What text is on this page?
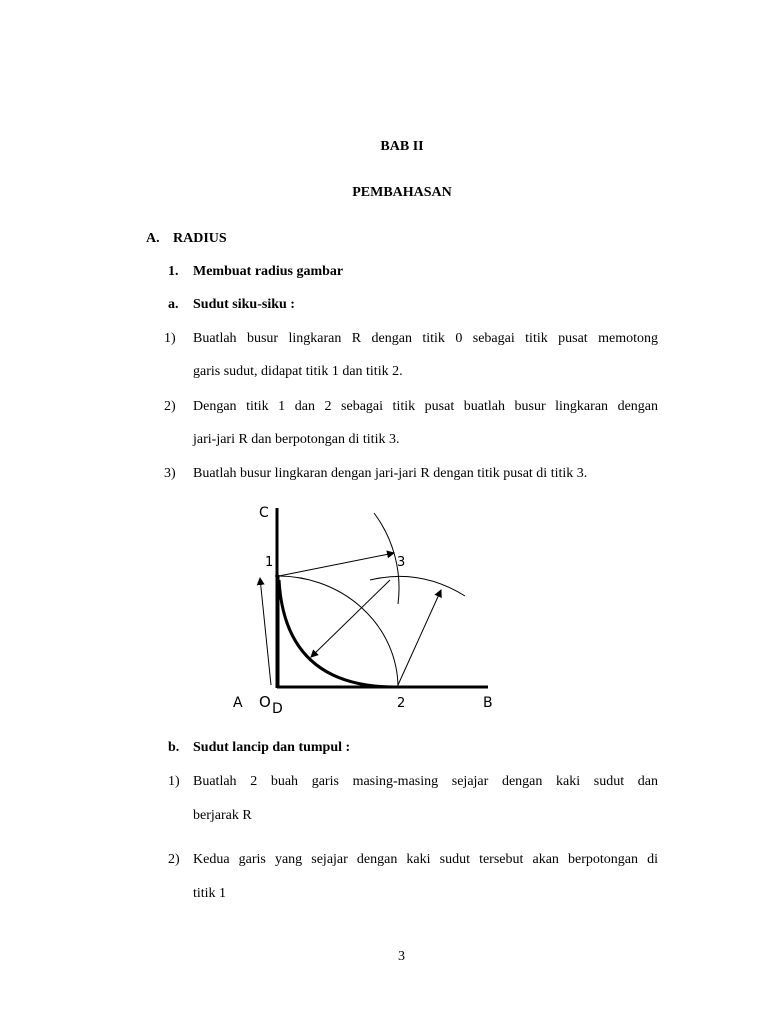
BAB II
PEMBAHASAN
A. RADIUS
1. Membuat radius gambar
a. Sudut siku-siku :
1) Buatlah busur lingkaran R dengan titik 0 sebagai titik pusat memotong
garis sudut, didapat titik 1 dan titik 2.
2) Dengan titik 1 dan 2 sebagai titik pusat buatlah busur lingkaran dengan
jari-jari R dan berpotongan di titik 3.
3) Buatlah busur lingkaran dengan jari-jari R dengan titik pusat di titik 3.
C
1	3
A O D	2	B
b. Sudut lancip dan tumpul :
1) Buatlah 2 buah garis masing-masing sejajar dengan kaki sudut dan
berjarak R
2) Kedua garis yang sejajar dengan kaki sudut tersebut akan berpotongan di
titik 1
3
